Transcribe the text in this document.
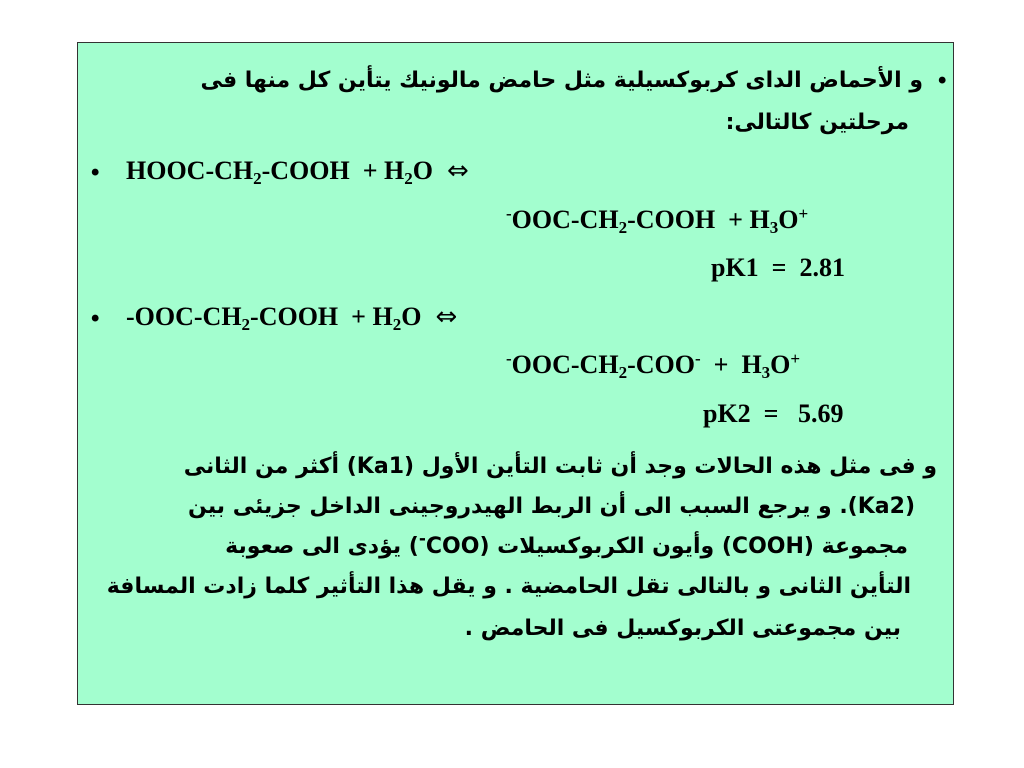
•
و الأحماض الداى كربوكسيلية مثل حامض مالونيك يتأين كل منها فى
مرحلتين كالتالى:
• HOOC-$CH_2$-COOH  + $H_2O$ ⇔
$^-OOC-CH_2$-COOH  + $H_3O^+$
pK1  =  2.81
• $-OOC-CH_2$-COOH  + $H_2O$ ⇔
$^-OOC-CH_2-COO^- + H_3O^+$
pK2  =   5.69
و فى مثل هذه الحالات وجد أن ثابت التأين الأول (Ka1) أكثر من الثانى
(Ka2). و يرجع السبب الى أن الربط الهيدروجينى الداخل جزيئى بين
مجموعة (COOH) وأيون الكربوكسيلات (COO-) يؤدى الى صعوبة
التأين الثانى و بالتالى تقل الحامضية . و يقل هذا التأثير كلما زادت المسافة
بين مجموعتى الكربوكسيل فى الحامض .
